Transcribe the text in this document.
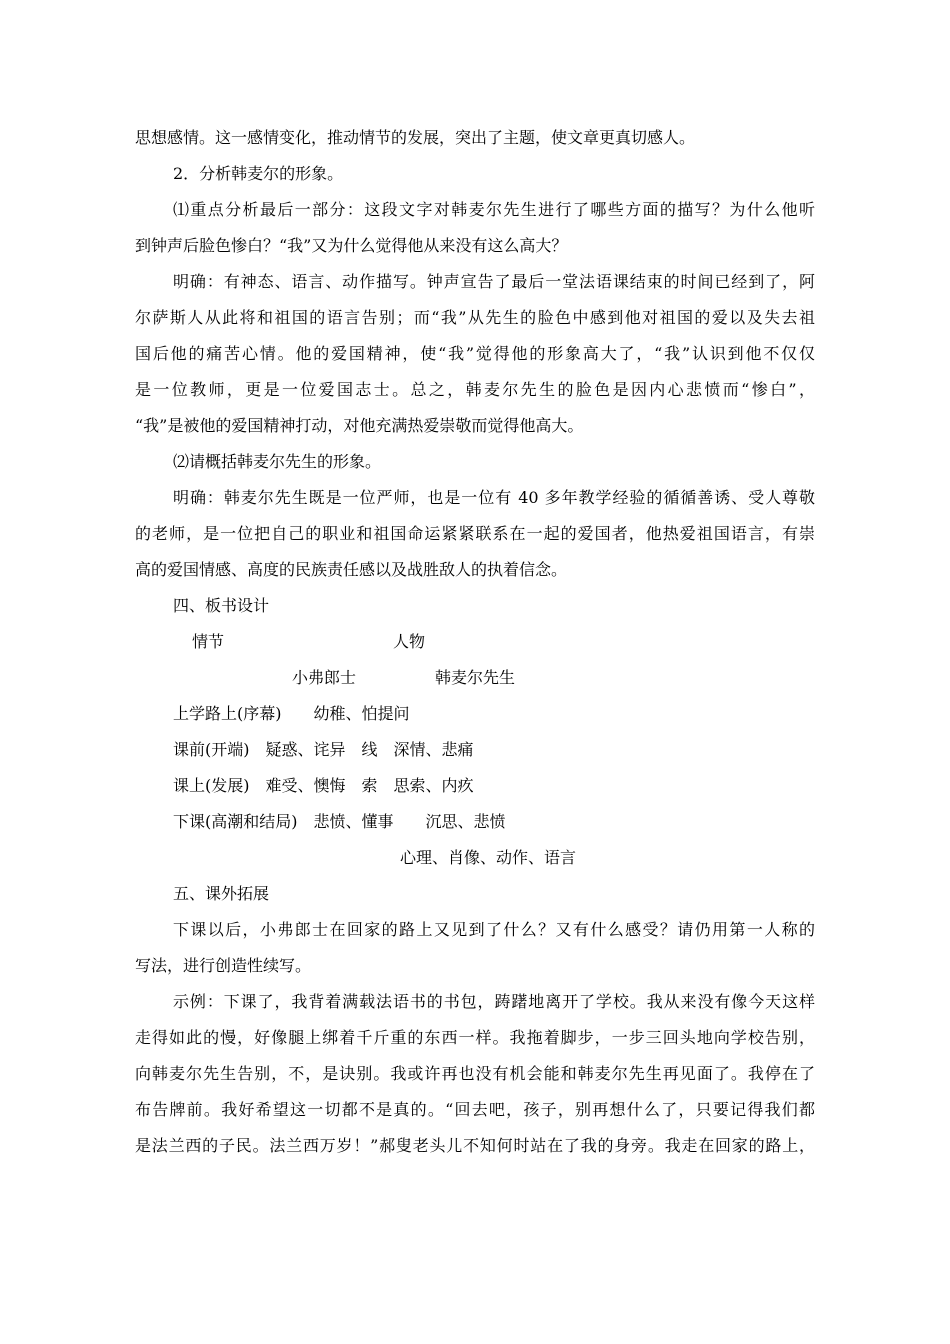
思想感情。这一感情变化，推动情节的发展，突出了主题，使文章更真切感人。

2．分析韩麦尔的形象。

⑴重点分析最后一部分：这段文字对韩麦尔先生进行了哪些方面的描写？为什么他听

到钟声后脸色惨白？“我”又为什么觉得他从来没有这么高大？

明确：有神态、语言、动作描写。钟声宣告了最后一堂法语课结束的时间已经到了，阿

尔萨斯人从此将和祖国的语言告别；而“我”从先生的脸色中感到他对祖国的爱以及失去祖

国后他的痛苦心情。他的爱国精神，使“我”觉得他的形象高大了，“我”认识到他不仅仅

是一位教师，更是一位爱国志士。总之，韩麦尔先生的脸色是因内心悲愤而“惨白”，

“我”是被他的爱国精神打动，对他充满热爱崇敬而觉得他高大。

⑵请概括韩麦尔先生的形象。

明确：韩麦尔先生既是一位严师，也是一位有 40 多年教学经验的循循善诱、受人尊敬

的老师，是一位把自己的职业和祖国命运紧紧联系在一起的爱国者，他热爱祖国语言，有崇

高的爱国情感、高度的民族责任感以及战胜敌人的执着信念。

四、板书设计

情节	人物

小弗郎士	韩麦尔先生

上学路上(序幕)　　幼稚、怕提问

课前(开端)　疑惑、诧异　线　深情、悲痛

课上(发展)　难受、懊悔　索　思索、内疚

下课(高潮和结局)　悲愤、懂事　　沉思、悲愤

心理、肖像、动作、语言

五、课外拓展

下课以后，小弗郎士在回家的路上又见到了什么？又有什么感受？请仍用第一人称的

写法，进行创造性续写。

示例：下课了，我背着满载法语书的书包，踌躇地离开了学校。我从来没有像今天这样

走得如此的慢，好像腿上绑着千斤重的东西一样。我拖着脚步，一步三回头地向学校告别，

向韩麦尔先生告别，不，是诀别。我或许再也没有机会能和韩麦尔先生再见面了。我停在了

布告牌前。我好希望这一切都不是真的。“回去吧，孩子，别再想什么了，只要记得我们都

是法兰西的子民。法兰西万岁！”郝叟老头儿不知何时站在了我的身旁。我走在回家的路上，
